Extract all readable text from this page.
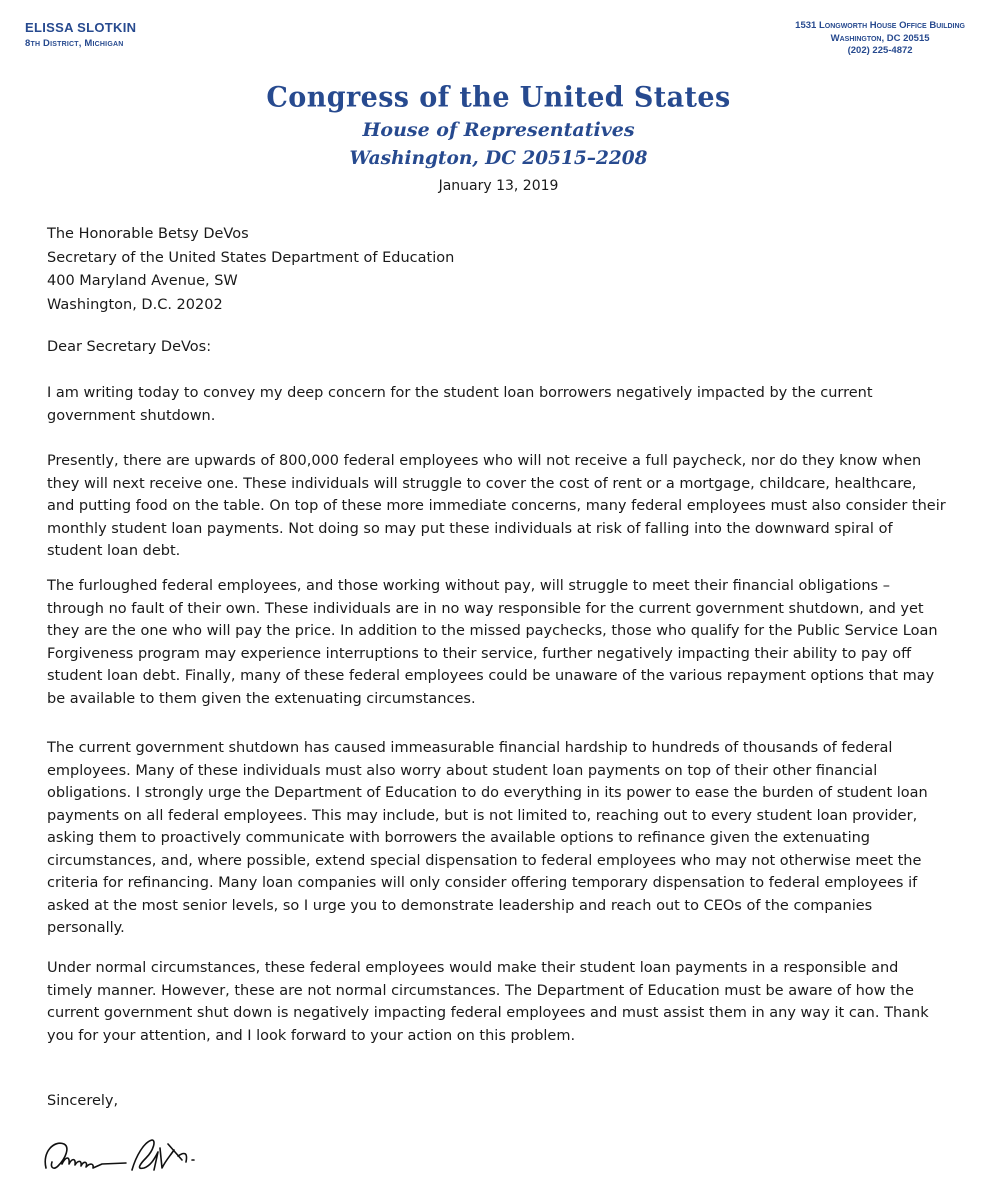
ELISSA SLOTKIN
8th District, Michigan
1531 Longworth House Office Building
Washington, DC 20515
(202) 225-4872
Congress of the United States
House of Representatives
Washington, DC 20515–2208
January 13, 2019
The Honorable Betsy DeVos
Secretary of the United States Department of Education
400 Maryland Avenue, SW
Washington, D.C. 20202
Dear Secretary DeVos:

I am writing today to convey my deep concern for the student loan borrowers negatively impacted by the current government shutdown.

Presently, there are upwards of 800,000 federal employees who will not receive a full paycheck, nor do they know when they will next receive one. These individuals will struggle to cover the cost of rent or a mortgage, childcare, healthcare, and putting food on the table. On top of these more immediate concerns, many federal employees must also consider their monthly student loan payments. Not doing so may put these individuals at risk of falling into the downward spiral of student loan debt.

The furloughed federal employees, and those working without pay, will struggle to meet their financial obligations – through no fault of their own. These individuals are in no way responsible for the current government shutdown, and yet they are the one who will pay the price. In addition to the missed paychecks, those who qualify for the Public Service Loan Forgiveness program may experience interruptions to their service, further negatively impacting their ability to pay off student loan debt. Finally, many of these federal employees could be unaware of the various repayment options that may be available to them given the extenuating circumstances.

The current government shutdown has caused immeasurable financial hardship to hundreds of thousands of federal employees. Many of these individuals must also worry about student loan payments on top of their other financial obligations. I strongly urge the Department of Education to do everything in its power to ease the burden of student loan payments on all federal employees. This may include, but is not limited to, reaching out to every student loan provider, asking them to proactively communicate with borrowers the available options to refinance given the extenuating circumstances, and, where possible, extend special dispensation to federal employees who may not otherwise meet the criteria for refinancing. Many loan companies will only consider offering temporary dispensation to federal employees if asked at the most senior levels, so I urge you to demonstrate leadership and reach out to CEOs of the companies personally.

Under normal circumstances, these federal employees would make their student loan payments in a responsible and timely manner. However, these are not normal circumstances. The Department of Education must be aware of how the current government shut down is negatively impacting federal employees and must assist them in any way it can. Thank you for your attention, and I look forward to your action on this problem.

Sincerely,
